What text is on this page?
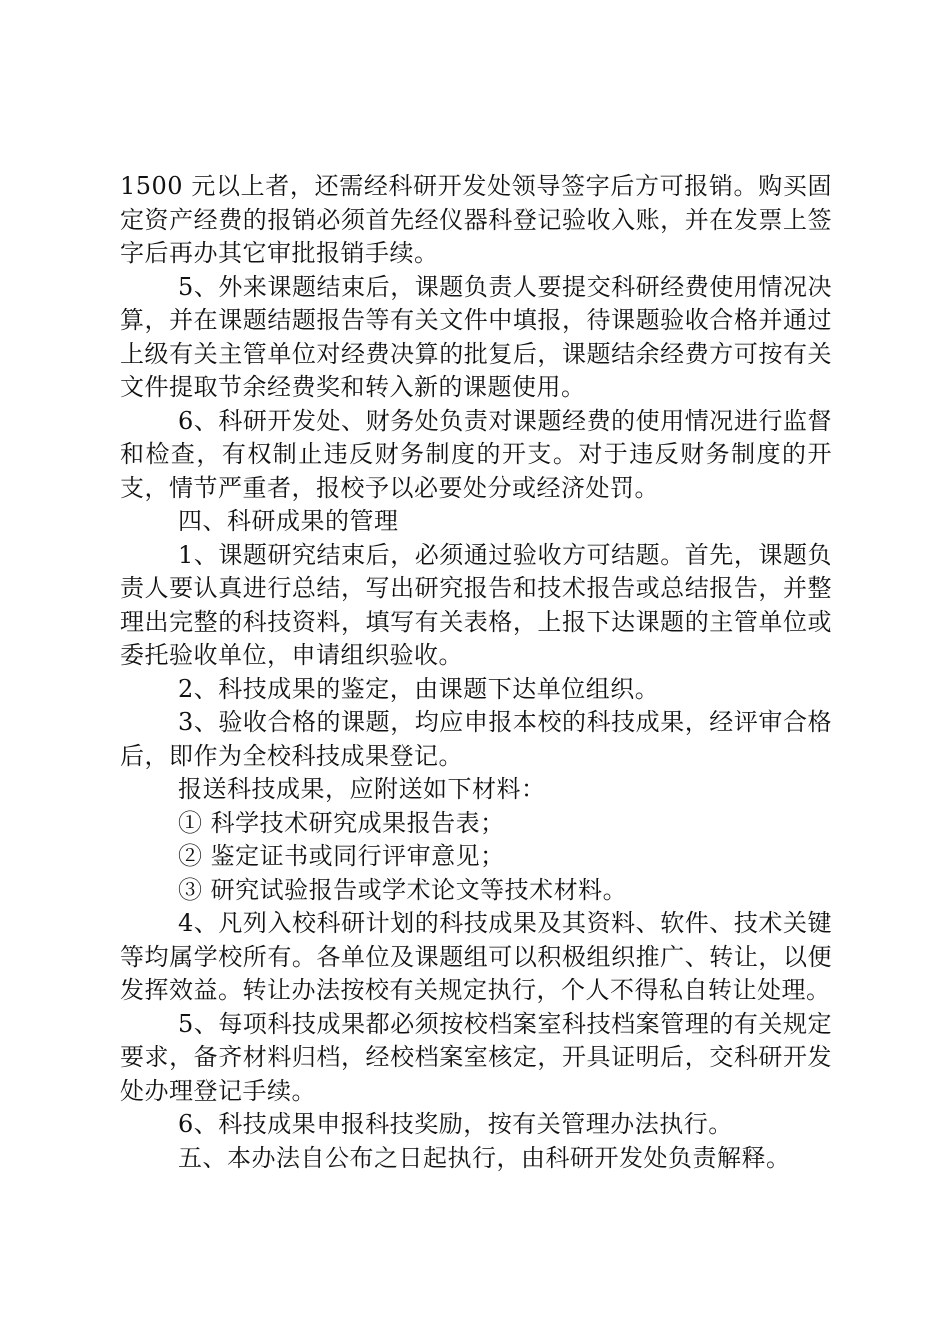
1500 元以上者，还需经科研开发处领导签字后方可报销。购买固定资产经费的报销必须首先经仪器科登记验收入账，并在发票上签字后再办其它审批报销手续。

5、外来课题结束后，课题负责人要提交科研经费使用情况决算，并在课题结题报告等有关文件中填报，待课题验收合格并通过上级有关主管单位对经费决算的批复后，课题结余经费方可按有关文件提取节余经费奖和转入新的课题使用。

6、科研开发处、财务处负责对课题经费的使用情况进行监督和检查，有权制止违反财务制度的开支。对于违反财务制度的开支，情节严重者，报校予以必要处分或经济处罚。

四、科研成果的管理

1、课题研究结束后，必须通过验收方可结题。首先，课题负责人要认真进行总结，写出研究报告和技术报告或总结报告，并整理出完整的科技资料，填写有关表格，上报下达课题的主管单位或委托验收单位，申请组织验收。

2、科技成果的鉴定，由课题下达单位组织。

3、验收合格的课题，均应申报本校的科技成果，经评审合格后，即作为全校科技成果登记。

报送科技成果，应附送如下材料：

① 科学技术研究成果报告表；

② 鉴定证书或同行评审意见；

③ 研究试验报告或学术论文等技术材料。

4、凡列入校科研计划的科技成果及其资料、软件、技术关键等均属学校所有。各单位及课题组可以积极组织推广、转让，以便发挥效益。转让办法按校有关规定执行，个人不得私自转让处理。

5、每项科技成果都必须按校档案室科技档案管理的有关规定要求，备齐材料归档，经校档案室核定，开具证明后，交科研开发处办理登记手续。

6、科技成果申报科技奖励，按有关管理办法执行。

五、本办法自公布之日起执行，由科研开发处负责解释。
